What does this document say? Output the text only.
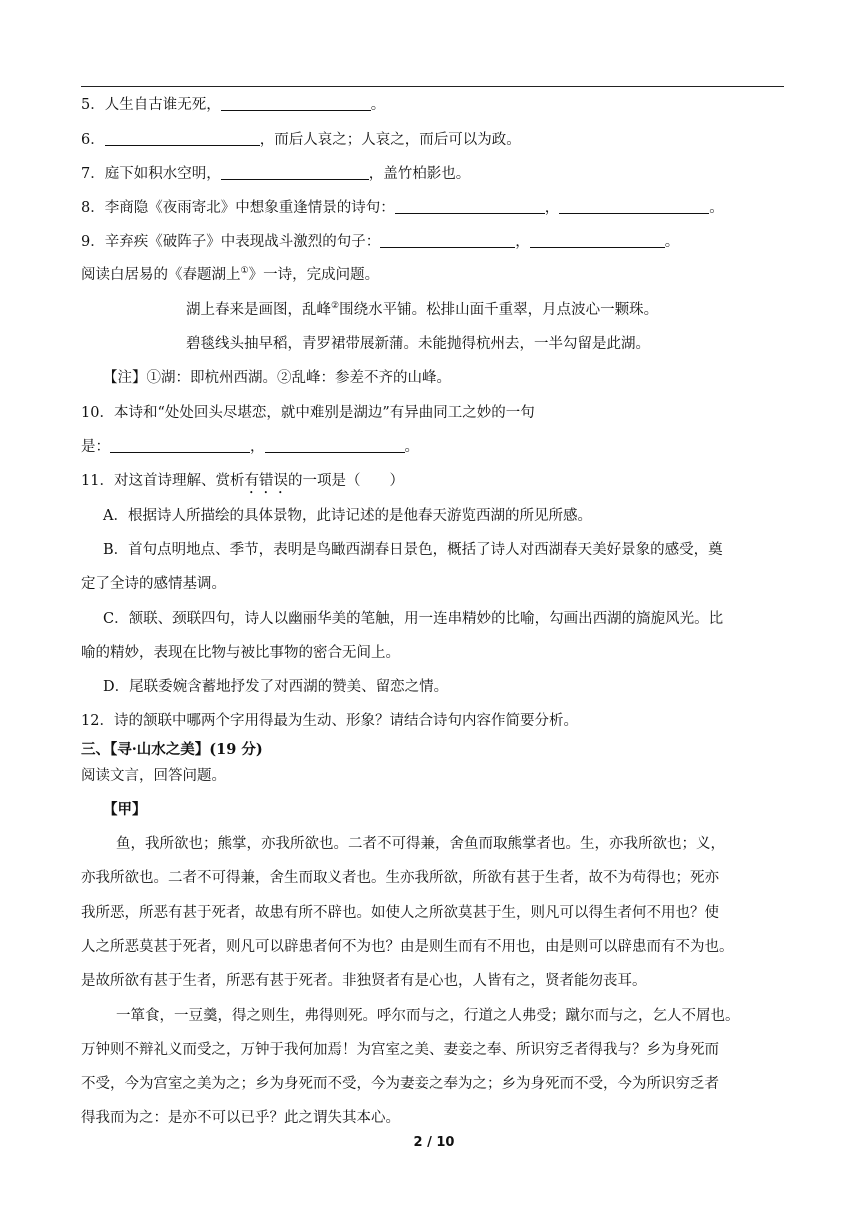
5．人生自古谁无死，	。
6．	，而后人哀之；人哀之，而后可以为政。
7．庭下如积水空明，	，盖竹柏影也。
8．李商隐《夜雨寄北》中想象重逢情景的诗句：	，	。
9．辛弃疾《破阵子》中表现战斗激烈的句子：	，	。
阅读白居易的《春题湖上①》一诗，完成问题。
湖上春来是画图，乱峰②围绕水平铺。松排山面千重翠，月点波心一颗珠。
碧毯线头抽早稻，青罗裙带展新蒲。未能抛得杭州去，一半勾留是此湖。
【注】①湖：即杭州西湖。②乱峰：参差不齐的山峰。
10．本诗和“处处回头尽堪恋，就中难别是湖边”有异曲同工之妙的一句
是：	，	。
11．对这首诗理解、赏析有错误的一项是（　　）
A．根据诗人所描绘的具体景物，此诗记述的是他春天游览西湖的所见所感。
B．首句点明地点、季节，表明是鸟瞰西湖春日景色，概括了诗人对西湖春天美好景象的感受，奠
定了全诗的感情基调。
C．颔联、颈联四句，诗人以幽丽华美的笔触，用一连串精妙的比喻，勾画出西湖的旖旎风光。比
喻的精妙，表现在比物与被比事物的密合无间上。
D．尾联委婉含蓄地抒发了对西湖的赞美、留恋之情。
12．诗的颔联中哪两个字用得最为生动、形象？请结合诗句内容作简要分析。
三、【寻·山水之美】(19 分)
阅读文言，回答问题。
【甲】
鱼，我所欲也；熊掌，亦我所欲也。二者不可得兼，舍鱼而取熊掌者也。生，亦我所欲也；义，
亦我所欲也。二者不可得兼，舍生而取义者也。生亦我所欲，所欲有甚于生者，故不为苟得也；死亦
我所恶，所恶有甚于死者，故患有所不辟也。如使人之所欲莫甚于生，则凡可以得生者何不用也？使
人之所恶莫甚于死者，则凡可以辟患者何不为也？由是则生而有不用也，由是则可以辟患而有不为也。
是故所欲有甚于生者，所恶有甚于死者。非独贤者有是心也，人皆有之，贤者能勿丧耳。
一箪食，一豆羹，得之则生，弗得则死。呼尔而与之，行道之人弗受；蹴尔而与之，乞人不屑也。
万钟则不辩礼义而受之，万钟于我何加焉！为宫室之美、妻妾之奉、所识穷乏者得我与？乡为身死而
不受，今为宫室之美为之；乡为身死而不受，今为妻妾之奉为之；乡为身死而不受，今为所识穷乏者
得我而为之：是亦不可以已乎？此之谓失其本心。
2 / 10
